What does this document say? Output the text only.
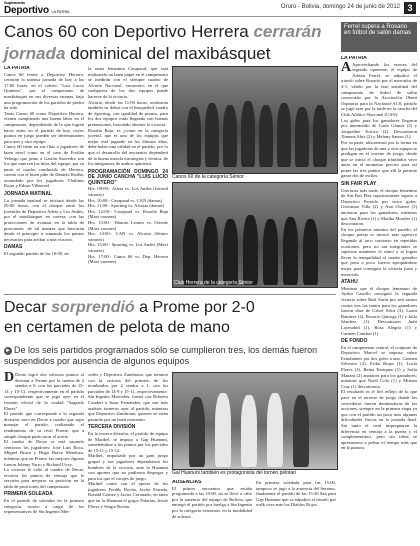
Suplemento
Deportivo LA PATRIA
Oruro - Bolivia, domingo 24 de junio de 2012 3
Canos 60 con Deportivo Herrera cerrarán
jornada dominical del maxibásquet
Ferrel supera a Rosario en fútbol de salón damas
LA PATRIA
Canos 60 frente a Deportivo Herrera, cerrarán la intensa jornada de hoy a las 17:00 horas, en el coliseo "Luis Lucio Quintero", por el campeonato de maxibásquet en sus diversas ratonas, bajo una programación de los partidos de piedra ha sido.
Tanto Canos 60 como Deportivo Herrera, vienen cumpliendo una buena labor en el campeonato, dependiendo de lo que logren hacer antes en el partido de hoy, cuyos puntos en juego pueden ser determinantes para uno y otro equipo.
Canos 60 tiene en sus filas a jugadores de buen nivel como en el caso de Froilán Velasgo que junto a Gastón Saavedra son los que mueven los hilos del equipo, por su parte el cuadro conducido de Herrera, cuenta con el buen pibe de Daniela Rodha, secundado por los jugadores Vladimir Rojas y Edson Villarroel.
JORNADA MATINAL
La jornada matinal se iniciará desde las 09:00 horas, con el choque entre los juveniles de Deportivo Atleta y Los Andes, por el maxibásquet en cartera, con las protecciones de avanzar en la tabla de posiciones, de tal manera que buscarán desde el principio ir sumando los puntos necesarios para arribar a una victoria.
DAMAS
El segundo partido de las 10:00, en
la rama femenina Casapaud, que está realizando un buen papel en el campeonato se medirán con el siempre cuadro de Alcasio Nacional, encuentro, en el que cualquiera de los dos equipos puede hacerse de la victoria.
Alcasio, desde las 11:00 horas, realizarán también su debut con el basquetbol cuadro de Sporting, con igualdad de puntos, para los dos equipos estás llegando con buenas pretensiones, buscando obtener la victoria.
Rosalía Baja, es ¿como en la categoría juvenil, que es uno de los equipos que mejor está jugando en los últimos años, debe haber una calidad en el partido, por lo que el desarrollo del encuentro dependerá de la buena mezcla estrategias y técnica, de los integrantes de ambos quintetos.
PROGRAMACIÓN DOMINGO 24 DE JUNIO CANCHA "LUIS LUCIO QUINTERO"
Hrs. 09:00.- Atleta vs. Los Andes (Juvenil varones)
Hrs. 10:00.- Casapaud vs. CAN (damas)
Hrs. 11:00.- Sporting vs. Alcasio (damas)
Hrs. 12:00.- Casapaud vs. Rosalía Baja (Maxi varones)
Hrs. 13:00.- Tiburón Leones vs. Oriente (Maxi varones)
Hrs. 14:00.- CAN vs. Alcasio (Sénior varones)
Hrs. 15:00.- Sporting vs. Los Andes (Maxi varones)
Hrs. 17:00.- Canos 60 vs. Dep. Herrera (Maxi varones)
Canos 60 de la categoría Sénior
Club Herrera de la categoría Sénior
LA PATRIA
A Aprovechando los errores del segundo oponente, el equipo de Adrián Ferrel, se adjudicó el triunfo sobre Rosario por el marcador de 4-1, válido por la fase semifinal del campeonato de fútbol de salón convocado por la Asociación Oberá Ospitoria para la Nacional-ACS, partido se jugó ayer por la tarde en la cancha del Club Atlético Nacional (CAN).
Los goles para los ganadores llegaron por intermedio de Carla Gómez (2) y Jacqueline Torrico (2). Descontaron Ximena Abiz (2) y Melany Santos (1).
Por su parte, ubicaremos por la forma en que las jugadoras de una y otro equipo se predigan en el terreno de juego, desde que se inicia el choque triunfador vayo antes en el momento preciso para así poner las tres puntos que allí la permite ganar dos de estilos.
SIN FAIR PLAY
Una hora más tarde, el choque femenino de Sin Fair Play superiormente supero a Deportivo Ferrada por cinco goles. Giovanna Villa (2) y Ana Chavez (1) anotaron para los ganadores; mientras que Ana Rivera (1) y Martha Morales (1) descontaron.
En los primeros minutos del partido, el choque parejo se mostró más agresivo llegando al arco contrario en repetidas ocasiones, pero no tan integrantes se supieron mantener el ritmo y al lograr llevar la tranquilidad al cuadro ganador que posa a poco fueron apropiándose mejor para conseguir la victoria justa y merecida.
ATAHU
Mientras que el choque femenino de Ayahu Castillo consiguió la segunda victoria sobre Real Surür por seis tantos contra tres los tantos para los ganadores fueron obra de Grisel Silva (3), Laura Ramírez (2), Rosario Quiroga (1) y Julia Sánchez (1). Descontaron Judit Laymahid (1), Rosa Alegría (1) y Carmen Condori (1).
DE FONDO
En el campeonato central, el conjunto de Deportivo Marcel se impuso sobre Estudiantes por dos goles a uno. Carmen Silvestre (2), Erika Rojas (1), Lucía Flores (1), Reina Enriquez (1) y Sofía Manani (2) anotaron para los ganadores; mientras que Noelí Colo (1) y Miriam Cruz (1) descontaron.
El resultado es el fiel reflejo de lo que pasó en el terreno de juego donde las vencedoras fueron dominadoras de las acciones, siempre en la primera etapa ya que con el partido un poco más algunas dificultades físicas en la jornada final. Sin tanto el rival impregnaron la diferencia en ventaja a la puerta y el complementario, pero sin ideas se apresuraron a pelear el tiempo más que en la pintura.
Decar sorprendió a Prome por 2-0
en certamen de pelota de mano
► De los seis partidos programados sólo se cumplieron tres, los demás fueron suspendidos por ausencia de algunos equipos
D Decar logró dos valiosos puntos al derrotar a Prome por la cuenta de 2 sendos a 0, con los parciales de 15-14 y 15-13, respectivamente en el partido correspondiente que se jugó ayer en el frontón oficial de la ciudad "Sagrado Flores".
El partido que corresponde a la segunda división, tuvo en Decar a cuadro que supo manejar el partido, realizando el rendimiento de su rival Prome, que a simple choque pudo sacar el aceite.
El cuadro de Decar se está sacando centroros los jugadores: José Luis Roca, Miguel Bravo y Hugo Bravo Mendoza, mientras que en Prome, las mejores figuras fueron Johnny Yarro y Richard Uvay.
La victoria le valió al cuadro de Decar, recortar las puntos de ventaja que le servirán para mejorar su posición en la tabla de posiciones del campeonato.
PRIMERA SOLEADA
En el partido de soleados en la primera categoría, estuvo a cargo de los representativos de Sin Ingenio Mer-
cedes y Deportivo Zambrana, que terminó con la victoria del primero de los nombrados por 2 sendos a 1, con los parciales de 14-9 y 15-11, respectivamente.
Sin Ingenio Mercedes, formó con Roberto Condori e Isaac Fernández, que son más asiduos torneros ayer al partido, mientras que Deportivo Zambrana, quienes se están pasando por un buen momento.
TERCERA DIVISIÓN
En la tercera división, el partido de equipo de Maribel, se impuso a Gap Huanuni, sometiéndose a los puntos por los parciales de 15-11 y 15-12.
Maribel, impulsado por un gran juego grupal y sus jugadores dependieron los hombres de la victoria, ante la Huanuni con aportes que no pudieron despegar y para los que el corajes de juego.
Maribel contó con el aporte de los jugadores Freddy Rocha, Javier Estrada, Ronald Gómez y Javier Coronado, en tanto que en la Huanuni el grupo Palarias, Jessie Flores y Sergio Rocha.
Gal Huanuni también es protagonista del torneo pelotari
AUSENCIAS
El primer encuentro que estaba programado a las 10:00, no se llevó a cabo por la ausencia del equipo de Bolivia, que entregó el partido por huelga a Sin Ingenio por la categoría veteranos, en la modalidad de soleara.
En primera soledada para las 15:00, tampoco se jugó a la ausencia del Serrano, finalmente el partido de las 15:30 San para Gap Huanuni que se adjudicó el triunfo por walk over ante los Diablos Rojos.
